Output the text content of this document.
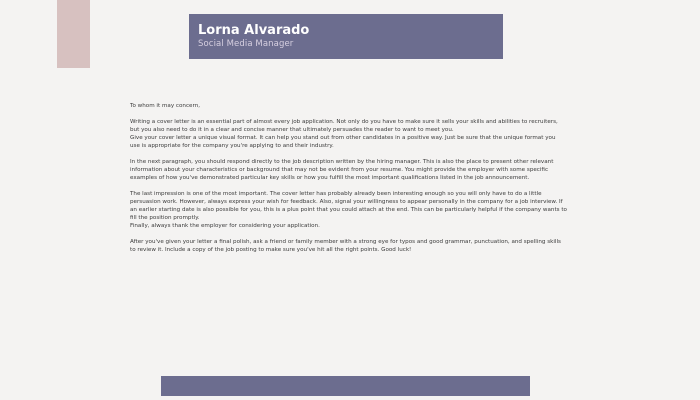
Lorna Alvarado
Social Media Manager

To whom it may concern,

Writing a cover letter is an essential part of almost every job application. Not only do you have to make sure it sells your skills and abilities to recruiters,
but you also need to do it in a clear and concise manner that ultimately persuades the reader to want to meet you.
Give your cover letter a unique visual format. It can help you stand out from other candidates in a positive way. Just be sure that the unique format you
use is appropriate for the company you're applying to and their industry.

In the next paragraph, you should respond directly to the job description written by the hiring manager. This is also the place to present other relevant
information about your characteristics or background that may not be evident from your resume. You might provide the employer with some specific
examples of how you've demonstrated particular key skills or how you fulfill the most important qualifications listed in the job announcement.

The last impression is one of the most important. The cover letter has probably already been interesting enough so you will only have to do a little
persuasion work. However, always express your wish for feedback. Also, signal your willingness to appear personally in the company for a job interview. If
an earlier starting date is also possible for you, this is a plus point that you could attach at the end. This can be particularly helpful if the company wants to
fill the position promptly.
Finally, always thank the employer for considering your application.

After you've given your letter a final polish, ask a friend or family member with a strong eye for typos and good grammar, punctuation, and spelling skills
to review it. Include a copy of the job posting to make sure you've hit all the right points. Good luck!
